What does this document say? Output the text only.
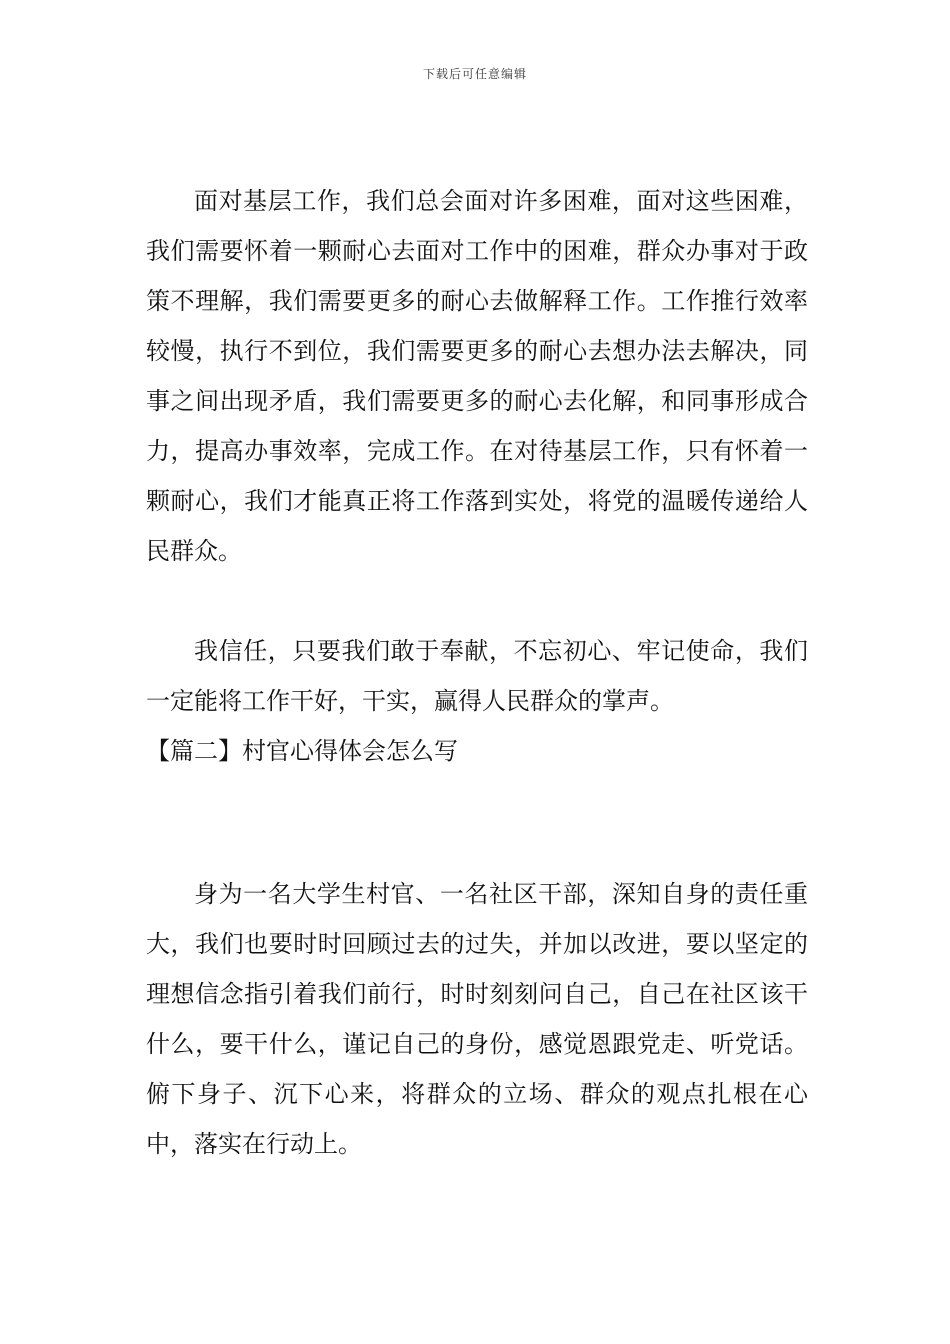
下载后可任意编辑

面对基层工作，我们总会面对许多困难，面对这些困难，我们需要怀着一颗耐心去面对工作中的困难，群众办事对于政策不理解，我们需要更多的耐心去做解释工作。工作推行效率较慢，执行不到位，我们需要更多的耐心去想办法去解决，同事之间出现矛盾，我们需要更多的耐心去化解，和同事形成合力，提高办事效率，完成工作。在对待基层工作，只有怀着一颗耐心，我们才能真正将工作落到实处，将党的温暖传递给人民群众。

我信任，只要我们敢于奉献，不忘初心、牢记使命，我们一定能将工作干好，干实，赢得人民群众的掌声。

【篇二】村官心得体会怎么写

身为一名大学生村官、一名社区干部，深知自身的责任重大，我们也要时时回顾过去的过失，并加以改进，要以坚定的理想信念指引着我们前行，时时刻刻问自己，自己在社区该干什么，要干什么，谨记自己的身份，感觉恩跟党走、听党话。俯下身子、沉下心来，将群众的立场、群众的观点扎根在心中，落实在行动上。
